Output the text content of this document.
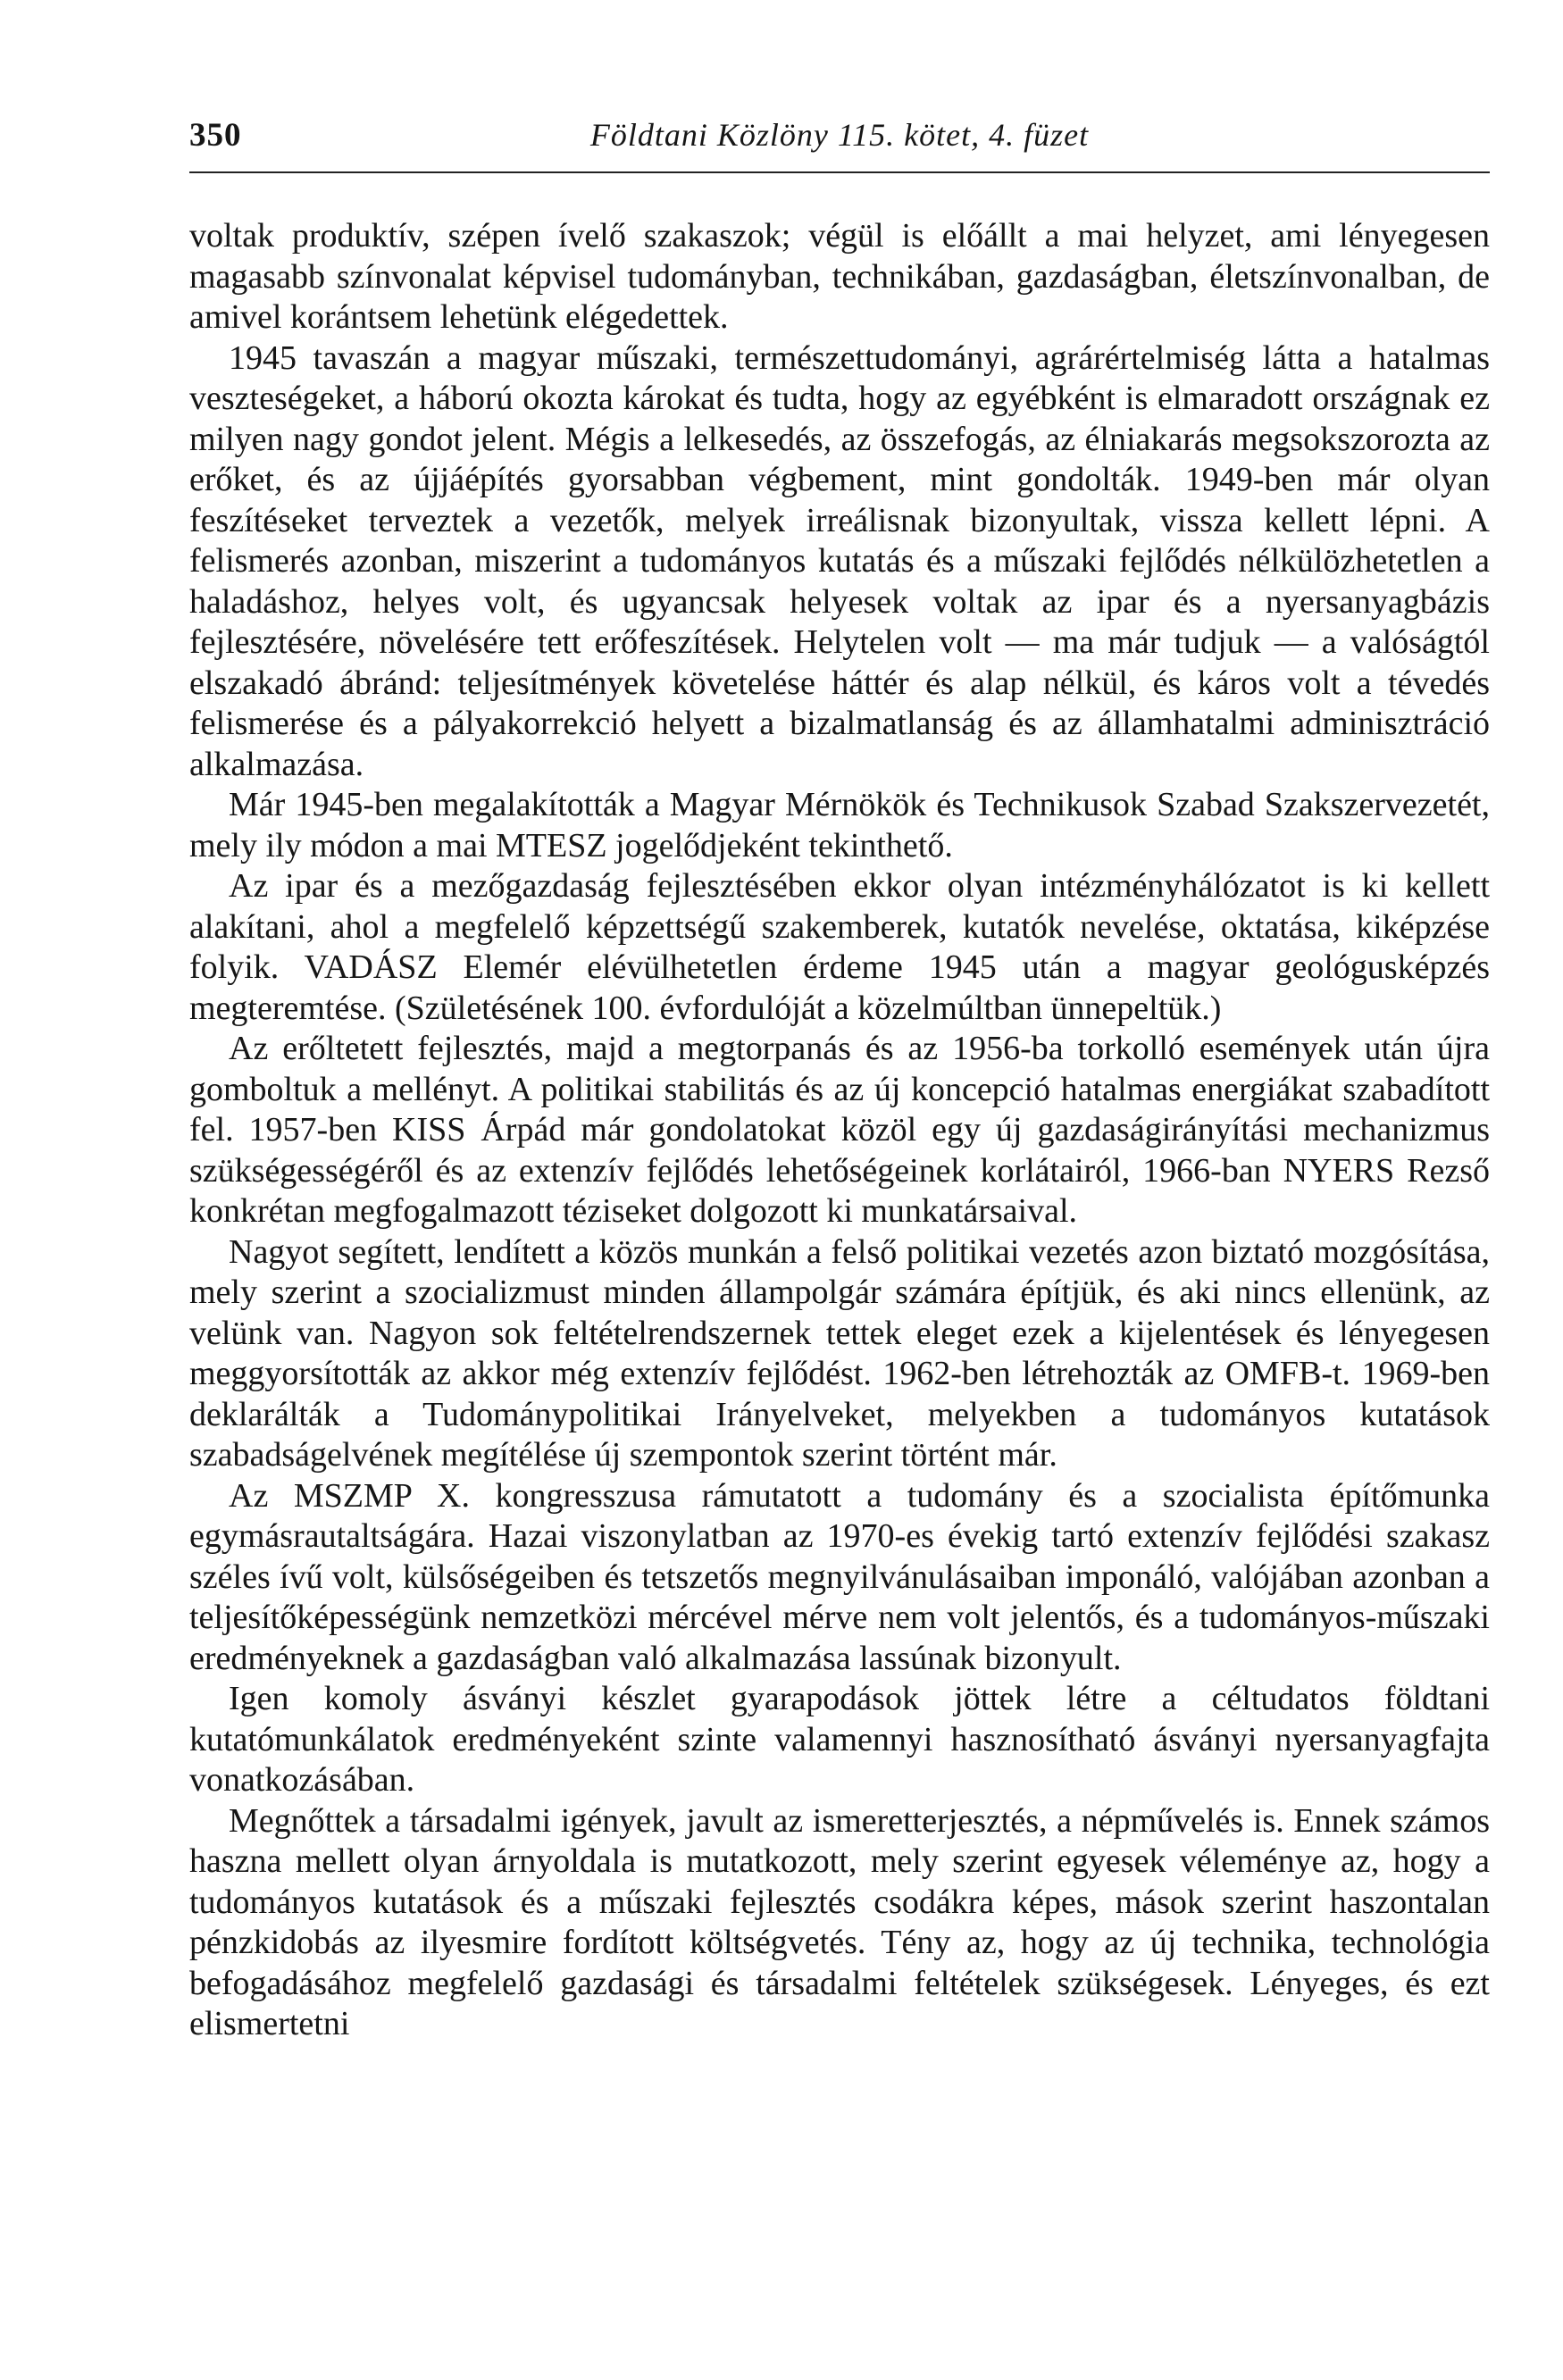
350	Földtani Közlöny 115. kötet, 4. füzet

voltak produktív, szépen ívelő szakaszok; végül is előállt a mai helyzet, ami lényegesen magasabb színvonalat képvisel tudományban, technikában, gazdaságban, életszínvonalban, de amivel korántsem lehetünk elégedettek.

1945 tavaszán a magyar műszaki, természettudományi, agrárértelmiség látta a hatalmas veszteségeket, a háború okozta károkat és tudta, hogy az egyébként is elmaradott országnak ez milyen nagy gondot jelent. Mégis a lelkesedés, az összefogás, az élniakarás megsokszorozta az erőket, és az újjáépítés gyorsabban végbement, mint gondolták. 1949-ben már olyan feszítéseket terveztek a vezetők, melyek irreálisnak bizonyultak, vissza kellett lépni. A felismerés azonban, miszerint a tudományos kutatás és a műszaki fejlődés nélkülözhetetlen a haladáshoz, helyes volt, és ugyancsak helyesek voltak az ipar és a nyersanyagbázis fejlesztésére, növelésére tett erőfeszítések. Helytelen volt — ma már tudjuk — a valóságtól elszakadó ábránd: teljesítmények követelése háttér és alap nélkül, és káros volt a tévedés felismerése és a pályakorrekció helyett a bizalmatlanság és az államhatalmi adminisztráció alkalmazása.

Már 1945-ben megalakították a Magyar Mérnökök és Technikusok Szabad Szakszervezetét, mely ily módon a mai MTESZ jogelődjeként tekinthető.

Az ipar és a mezőgazdaság fejlesztésében ekkor olyan intézményhálózatot is ki kellett alakítani, ahol a megfelelő képzettségű szakemberek, kutatók nevelése, oktatása, kiképzése folyik. VADÁSZ Elemér elévülhetetlen érdeme 1945 után a magyar geológusképzés megteremtése. (Születésének 100. évfordulóját a közelmúltban ünnepeltük.)

Az erőltetett fejlesztés, majd a megtorpanás és az 1956-ba torkolló események után újra gomboltuk a mellényt. A politikai stabilitás és az új koncepció hatalmas energiákat szabadított fel. 1957-ben KISS Árpád már gondolatokat közöl egy új gazdaságirányítási mechanizmus szükségességéről és az extenzív fejlődés lehetőségeinek korlátairól, 1966-ban NYERS Rezső konkrétan megfogalmazott téziseket dolgozott ki munkatársaival.

Nagyot segített, lendített a közös munkán a felső politikai vezetés azon biztató mozgósítása, mely szerint a szocializmust minden állampolgár számára építjük, és aki nincs ellenünk, az velünk van. Nagyon sok feltételrendszernek tettek eleget ezek a kijelentések és lényegesen meggyorsították az akkor még extenzív fejlődést. 1962-ben létrehozták az OMFB-t. 1969-ben deklarálták a Tudománypolitikai Irányelveket, melyekben a tudományos kutatások szabadságelvének megítélése új szempontok szerint történt már.

Az MSZMP X. kongresszusa rámutatott a tudomány és a szocialista építőmunka egymásrautaltságára. Hazai viszonylatban az 1970-es évekig tartó extenzív fejlődési szakasz széles ívű volt, külsőségeiben és tetszetős megnyilvánulásaiban imponáló, valójában azonban a teljesítőképességünk nemzetközi mércével mérve nem volt jelentős, és a tudományos-műszaki eredményeknek a gazdaságban való alkalmazása lassúnak bizonyult.

Igen komoly ásványi készlet gyarapodások jöttek létre a céltudatos földtani kutatómunkálatok eredményeként szinte valamennyi hasznosítható ásványi nyersanyagfajta vonatkozásában.

Megnőttek a társadalmi igények, javult az ismeretterjesztés, a népművelés is. Ennek számos haszna mellett olyan árnyoldala is mutatkozott, mely szerint egyesek véleménye az, hogy a tudományos kutatások és a műszaki fejlesztés csodákra képes, mások szerint haszontalan pénzkidobás az ilyesmire fordított költségvetés. Tény az, hogy az új technika, technológia befogadásához megfelelő gazdasági és társadalmi feltételek szükségesek. Lényeges, és ezt elismertetni
